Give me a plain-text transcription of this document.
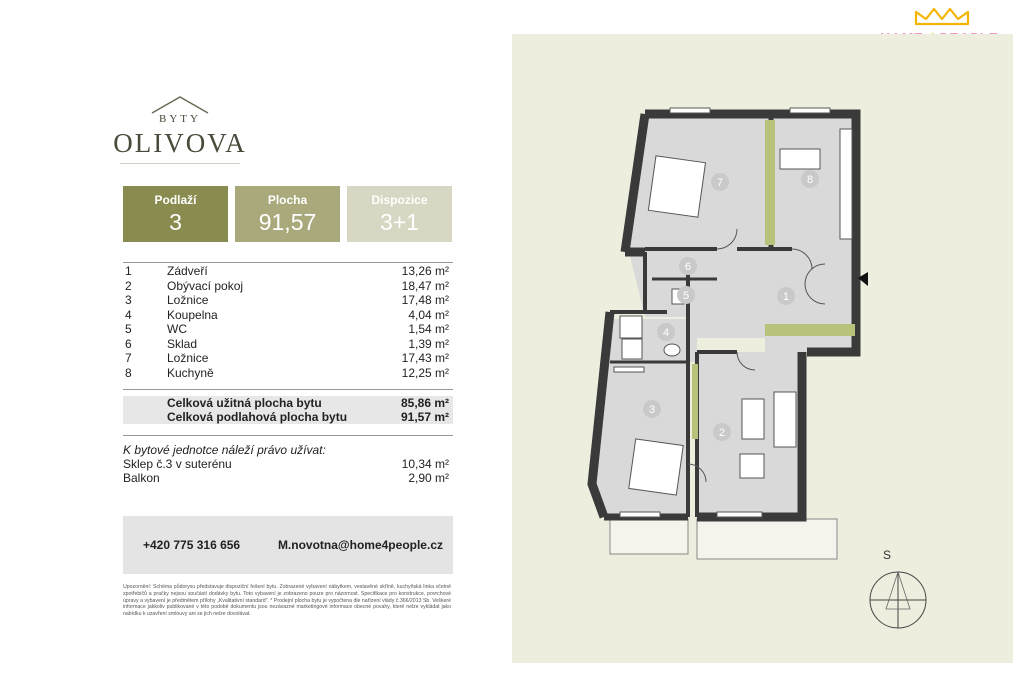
BYTY
OLIVOVA
Podlaží
3
Plocha
91,57
Dispozice
3+1
1	Zádveří	13,26 m²
2	Obývací pokoj	18,47 m²
3	Ložnice	17,48 m²
4	Koupelna	4,04 m²
5	WC	1,54 m²
6	Sklad	1,39 m²
7	Ložnice	17,43 m²
8	Kuchyně	12,25 m²
Celková užitná plocha bytu	85,86 m²
Celková podlahová plocha bytu	91,57 m²
K bytové jednotce náleží právo užívat:
Sklep č.3 v suterénu	10,34 m²
Balkon	2,90 m²
+420 775 316 656	M.novotna@home4people.cz
Upozornění: Schéma půdorysu představuje dispoziční řešení bytu. Zobrazené vybavení nábytkem, vestavěné skříně, kuchyňská linka včetně spotřebičů a pračky nejsou součástí dodávky bytu. Toto vybavení je zobrazeno pouze pro názornost. Specifikace pro konstrukce, povrchové úpravy a vybavení je předmětem přílohy „Kvalitativní standard". * Prodejní plocha bytu je vypočtena dle nařízení vlády č.366/2013 Sb. Veškeré informace jakkoliv publikované v této podobě dokumentu jsou nezávazné marketingové informace obecné povahy, které nelze vykládat jako nabídku k uzavření smlouvy ani se jich nelze dovolávat.
1
2
3
4
5
6
7	8
S
